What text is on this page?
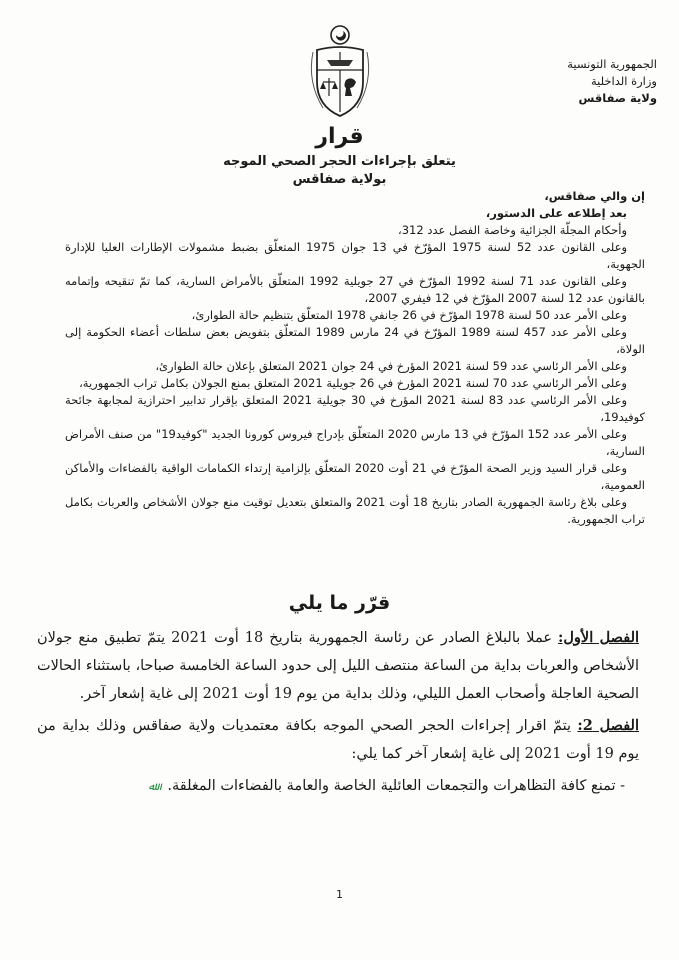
الجمهورية التونسية
وزارة الداخلية
ولاية صفاقس
قرار
يتعلق بإجراءات الحجر الصحي الموجه
بولاية صفاقس
إن والي صفاقس،
بعد إطلاعه على الدستور،

وأحكام المجلّة الجزائية وخاصة الفصل عدد 312،

وعلى القانون عدد 52 لسنة 1975 المؤرّخ في 13 جوان 1975 المتعلّق بضبط مشمولات الإطارات العليا للإدارة الجهوية،

وعلى القانون عدد 71 لسنة 1992 المؤرّخ في 27 جويلية 1992 المتعلّق بالأمراض السارية، كما تمّ تنقيحه وإتمامه بالقانون عدد 12 لسنة 2007 المؤرّخ في 12 فيفري 2007،

وعلى الأمر عدد 50 لسنة 1978 المؤرّخ في 26 جانفي 1978 المتعلّق بتنظيم حالة الطوارئ،

وعلى الأمر عدد 457 لسنة 1989 المؤرّخ في 24 مارس 1989 المتعلّق بتفويض بعض سلطات أعضاء الحكومة إلى الولاة،

وعلى الأمر الرئاسي عدد 59 لسنة 2021 المؤرخ في 24 جوان 2021 المتعلق بإعلان حالة الطوارئ،

وعلى الأمر الرئاسي عدد 70 لسنة 2021 المؤرخ في 26 جويلية 2021 المتعلق بمنع الجولان بكامل تراب الجمهورية،

وعلى الأمر الرئاسي عدد 83 لسنة 2021 المؤرخ في 30 جويلية 2021 المتعلق بإقرار تدابير احترازية لمجابهة جائحة كوفيد19،

وعلى الأمر عدد 152 المؤرّخ في 13 مارس 2020 المتعلّق بإدراج فيروس كورونا الجديد "كوفيد19" من صنف الأمراض السارية،

وعلى قرار السيد وزير الصحة المؤرّخ في 21 أوت 2020 المتعلّق بإلزامية إرتداء الكمامات الواقية بالفضاءات والأماكن العمومية،

وعلى بلاغ رئاسة الجمهورية الصادر بتاريخ 18 أوت 2021 والمتعلق بتعديل توقيت منع جولان الأشخاص والعربات بكامل تراب الجمهورية.

قرّر ما يلي

الفصل الأول: عملا بالبلاغ الصادر عن رئاسة الجمهورية بتاريخ 18 أوت 2021 يتمّ تطبيق منع جولان الأشخاص والعربات بداية من الساعة منتصف الليل إلى حدود الساعة الخامسة صباحا، باستثناء الحالات الصحية العاجلة وأصحاب العمل الليلي، وذلك بداية من يوم 19 أوت 2021 إلى غاية إشعار آخر.

الفصل 2: يتمّ اقرار إجراءات الحجر الصحي الموجه بكافة معتمديات ولاية صفاقس وذلك بداية من يوم 19 أوت 2021 إلى غاية إشعار آخر كما يلي:

- تمنع كافة التظاهرات والتجمعات العائلية الخاصة والعامة بالفضاءات المغلقة. ﷲ

1
